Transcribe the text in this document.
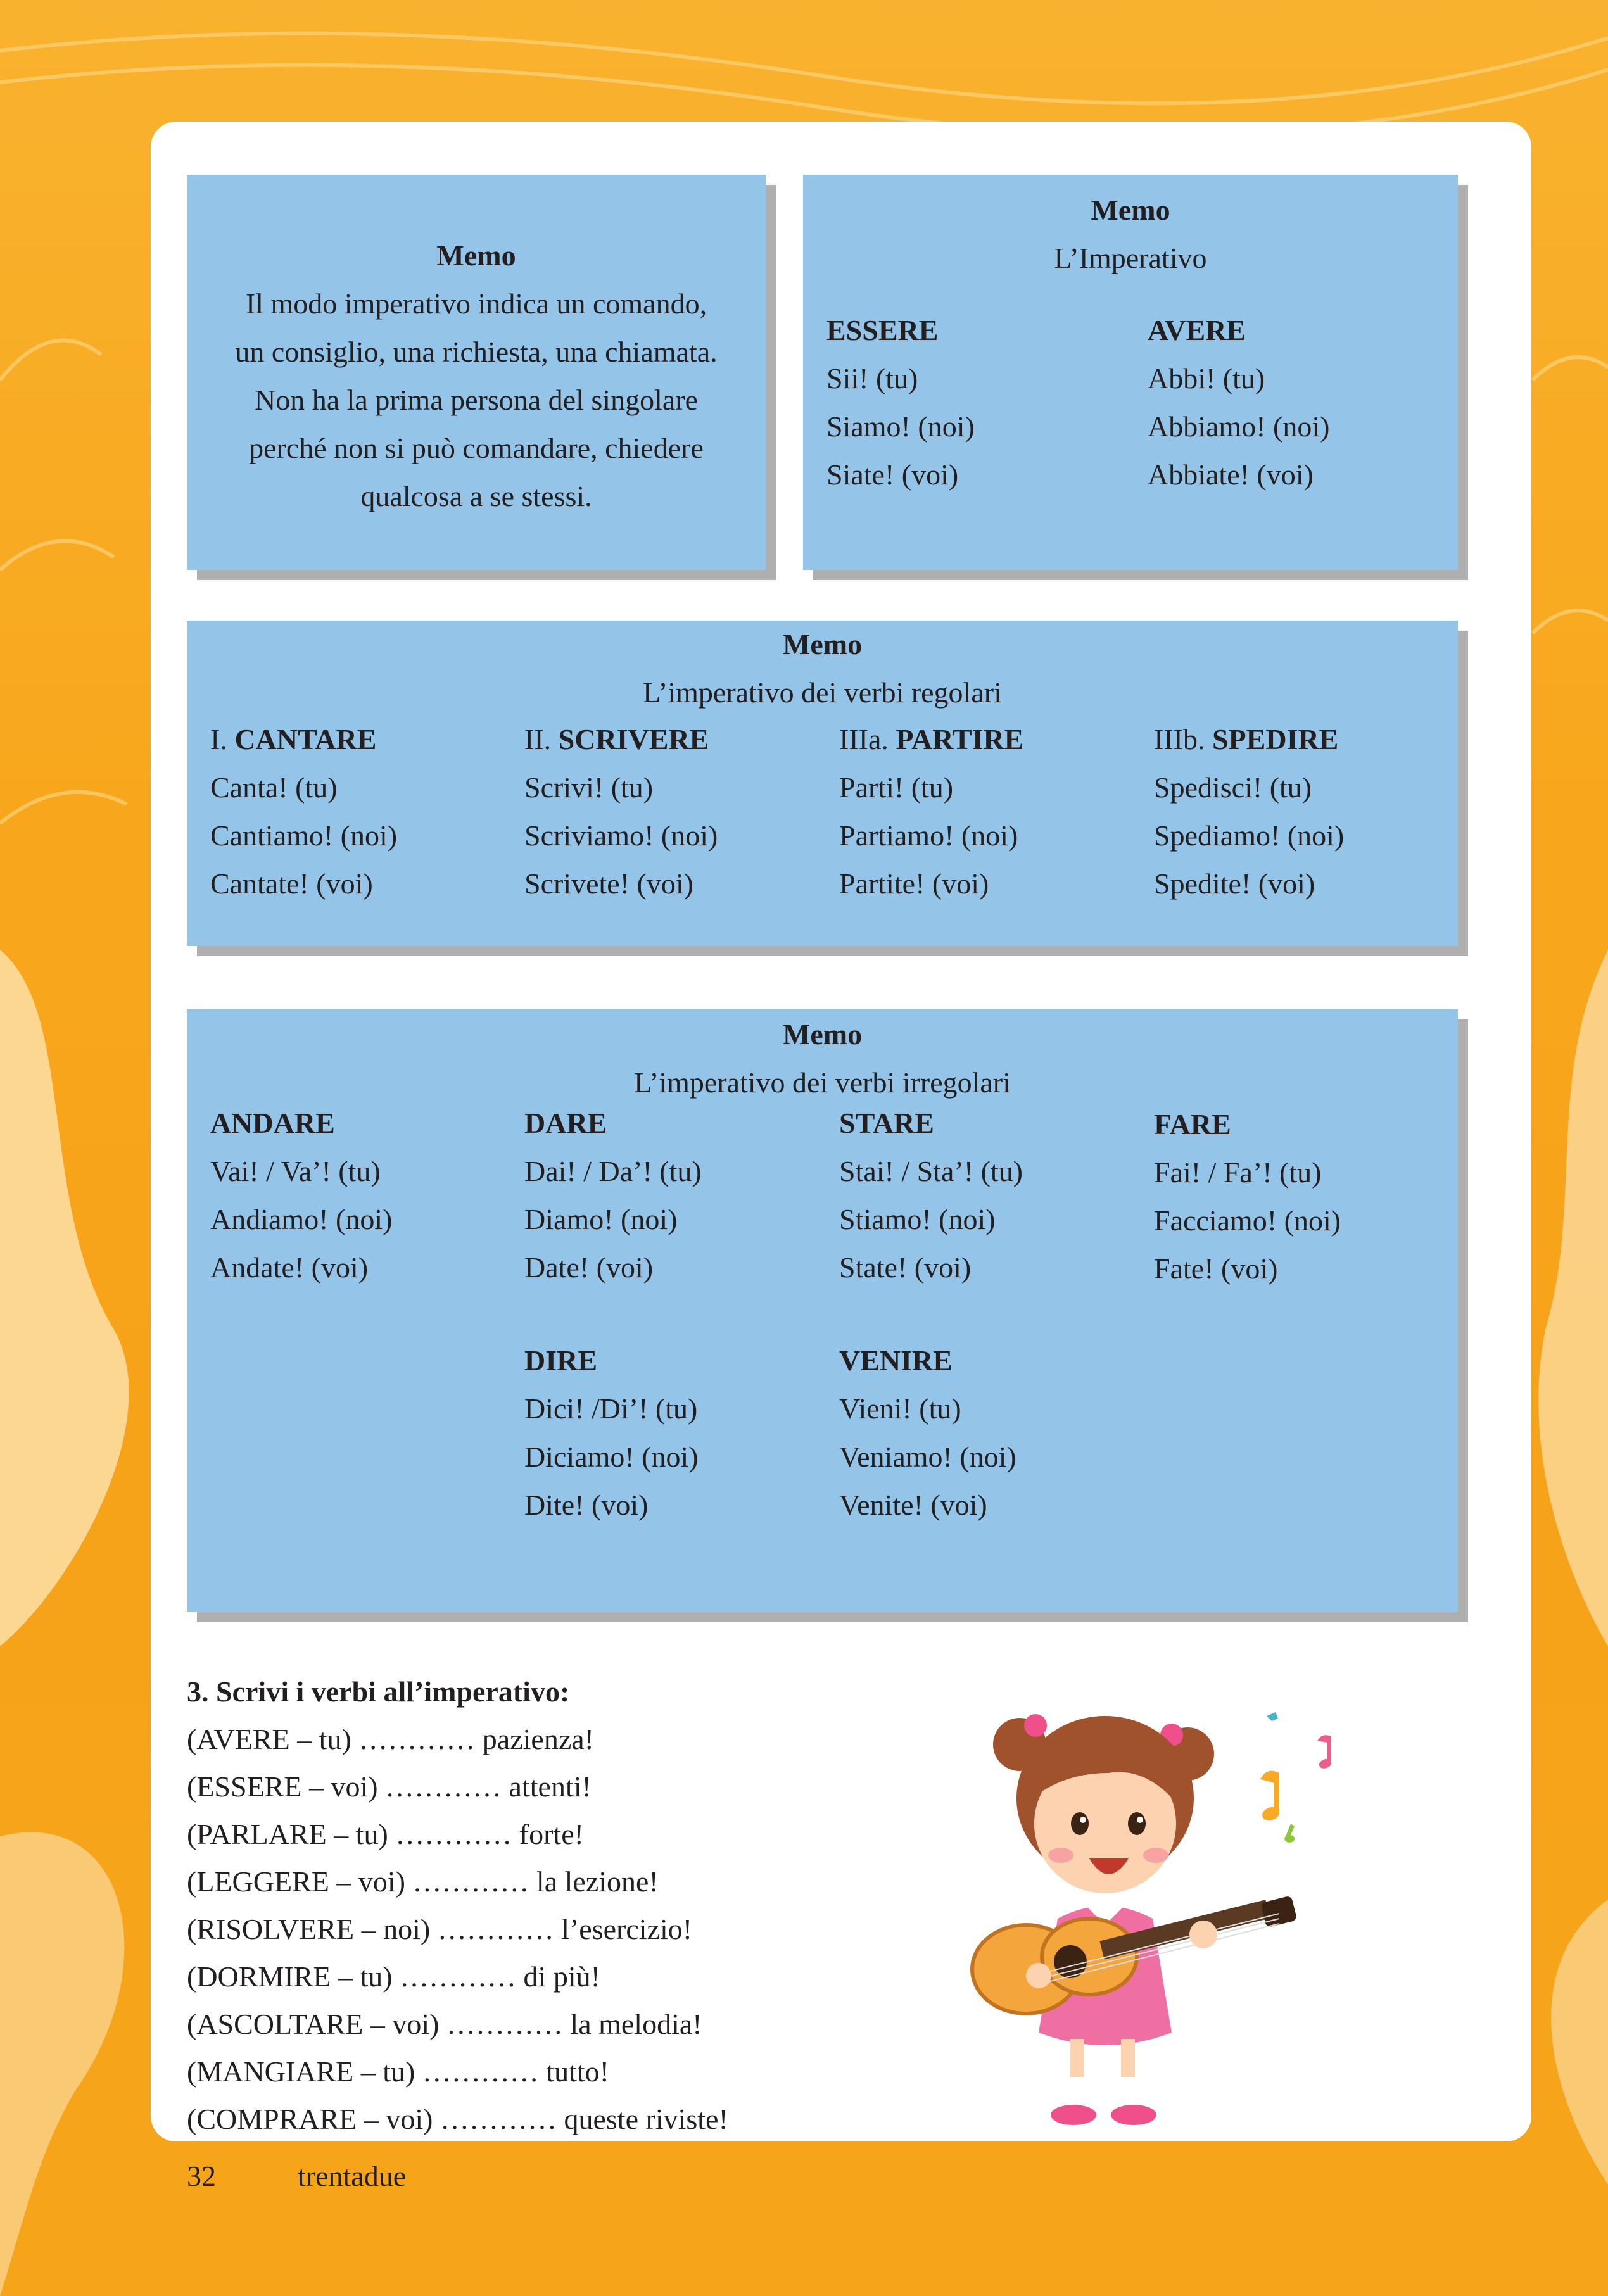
Memo
Il modo imperativo indica un comando,
un consiglio, una richiesta, una chiamata.
Non ha la prima persona del singolare
perché non si può comandare, chiedere
qualcosa a se stessi.
Memo
L’Imperativo
ESSERE
Sii! (tu)
Siamo! (noi)
Siate! (voi)
AVERE
Abbi! (tu)
Abbiamo! (noi)
Abbiate! (voi)
Memo
L’imperativo dei verbi regolari
I. CANTARE
Canta! (tu)
Cantiamo! (noi)
Cantate! (voi)
II. SCRIVERE
Scrivi! (tu)
Scriviamo! (noi)
Scrivete! (voi)
IIIa. PARTIRE
Parti! (tu)
Partiamo! (noi)
Partite! (voi)
IIIb. SPEDIRE
Spedisci! (tu)
Spediamo! (noi)
Spedite! (voi)
Memo
L’imperativo dei verbi irregolari
ANDARE
Vai! / Va’! (tu)
Andiamo! (noi)
Andate! (voi)
DARE
Dai! / Da’! (tu)
Diamo! (noi)
Date! (voi)
STARE
Stai! / Sta’! (tu)
Stiamo! (noi)
State! (voi)
FARE
Fai! / Fa’! (tu)
Facciamo! (noi)
Fate! (voi)
DIRE
Dici! /Di’! (tu)
Diciamo! (noi)
Dite! (voi)
VENIRE
Vieni! (tu)
Veniamo! (noi)
Venite! (voi)
3. Scrivi i verbi all’imperativo:
(AVERE – tu) ………… pazienza!
(ESSERE – voi) ………… attenti!
(PARLARE – tu) ………… forte!
(LEGGERE – voi) ………… la lezione!
(RISOLVERE – noi) ………… l’esercizio!
(DORMIRE – tu) ………… di più!
(ASCOLTARE – voi) ………… la melodia!
(MANGIARE – tu) ………… tutto!
(COMPRARE – voi) ………… queste riviste!
32	trentadue
